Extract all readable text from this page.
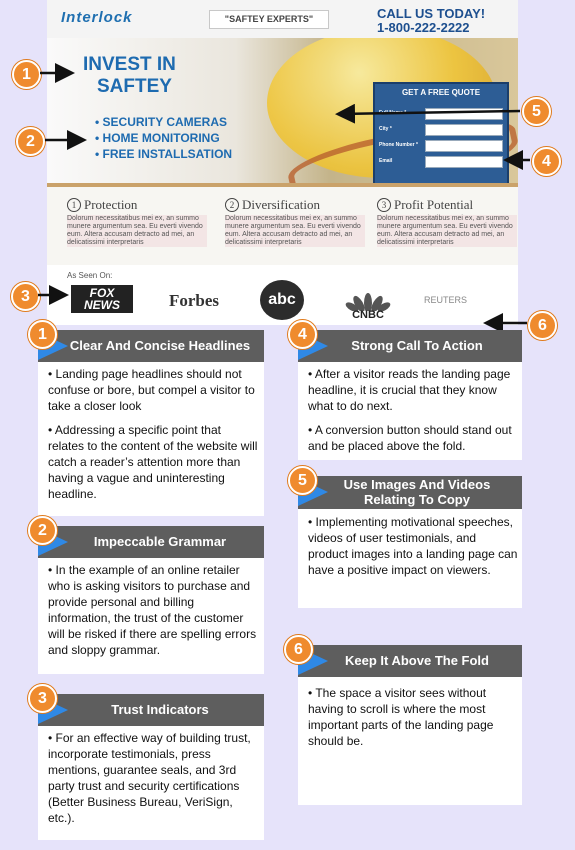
Interlock	"SAFTEY EXPERTS"	CALL US TODAY!
1-800-222-2222
INVEST IN
SAFTEY
• SECURITY CAMERAS
• HOME MONITORING
• FREE INSTALLSATION
GET A FREE QUOTE
Full Name *
City *
Phone Number *
Email
1 Protection
Dolorum necessitatibus mei ex, an summo munere argumentum sea. Eu everti vivendo eum. Altera accusam detracto ad mei, an delicatissimi interpretaris
2 Diversification
Dolorum necessitatibus mei ex, an summo munere argumentum sea. Eu everti vivendo eum. Altera accusam detracto ad mei, an delicatissimi interpretaris
3 Profit Potential
Dolorum necessitatibus mei ex, an summo munere argumentum sea. Eu everti vivendo eum. Altera accusam detracto ad mei, an delicatissimi interpretaris
As Seen On:
FOX
NEWS	Forbes	abc
CNBC
REUTERS
1
2
3
4
5
6
Clear And Concise Headlines

• Landing page headlines should not confuse or bore, but compel a visitor to take a closer look

• Addressing a specific point that relates to the content of the website will catch a reader’s attention more than having a vague and uninteresting headline.

1
Impeccable Grammar

• In the example of an online retailer who is asking visitors to purchase and provide personal and billing information, the trust of the customer will be risked if there are spelling errors and sloppy grammar.

2
Trust Indicators

• For an effective way of building trust, incorporate testimonials, press mentions, guarantee seals, and 3rd party trust and security certifications (Better Business Bureau, VeriSign, etc.).

3
Strong Call To Action

• After a visitor reads the landing page headline, it is crucial that they know what to do next.

• A conversion button should stand out and be placed above the fold.

4
Use Images And Videos
Relating To Copy

• Implementing motivational speeches, videos of user testimonials, and product images into a landing page can have a positive impact on viewers.

5
Keep It Above The Fold

• The space a visitor sees without having to scroll is where the most important parts of the landing page should be.

6
